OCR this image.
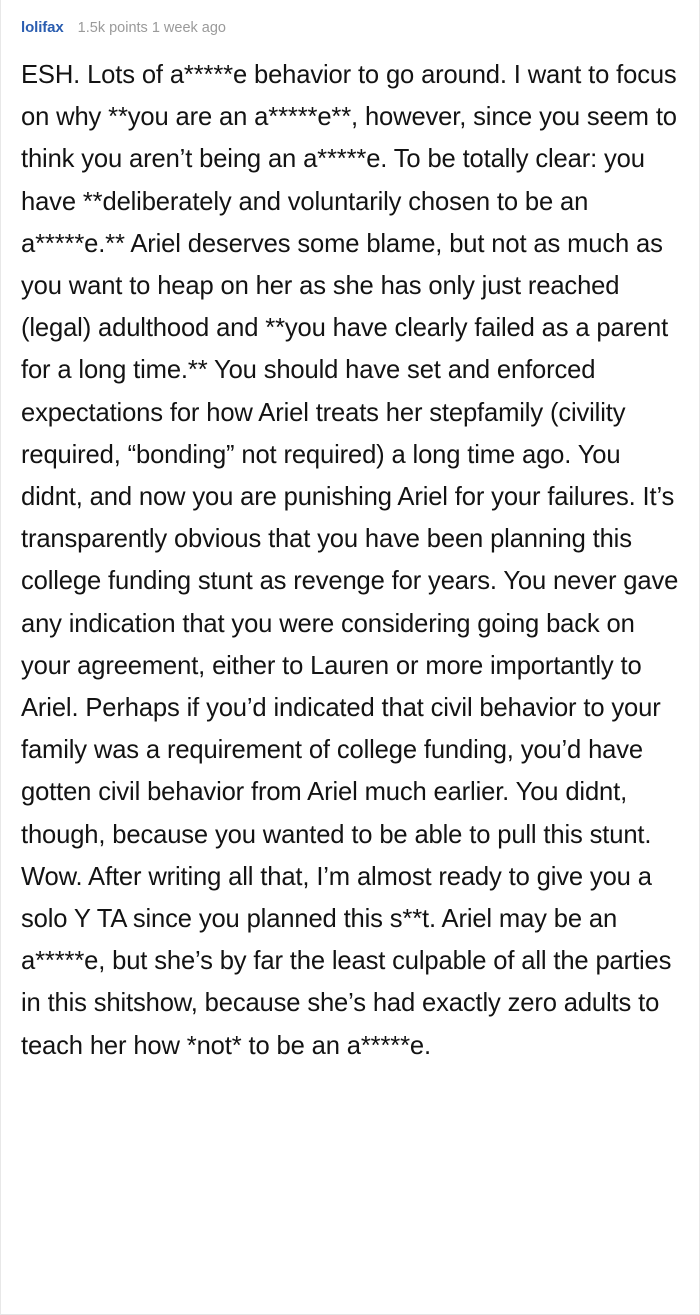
lolifax 1.5k points 1 week ago

ESH. Lots of a*****e behavior to go around. I want to focus on why **you are an a*****e**, however, since you seem to think you aren’t being an a*****e. To be totally clear: you have **deliberately and voluntarily chosen to be an a*****e.** Ariel deserves some blame, but not as much as you want to heap on her as she has only just reached (legal) adulthood and **you have clearly failed as a parent for a long time.** You should have set and enforced expectations for how Ariel treats her stepfamily (civility required, “bonding” not required) a long time ago. You didnt, and now you are punishing Ariel for your failures. It’s transparently obvious that you have been planning this college funding stunt as revenge for years. You never gave any indication that you were considering going back on your agreement, either to Lauren or more importantly to Ariel. Perhaps if you’d indicated that civil behavior to your family was a requirement of college funding, you’d have gotten civil behavior from Ariel much earlier. You didnt, though, because you wanted to be able to pull this stunt. Wow. After writing all that, I’m almost ready to give you a solo Y TA since you planned this s**t. Ariel may be an a*****e, but she’s by far the least culpable of all the parties in this shitshow, because she’s had exactly zero adults to teach her how *not* to be an a*****e.
